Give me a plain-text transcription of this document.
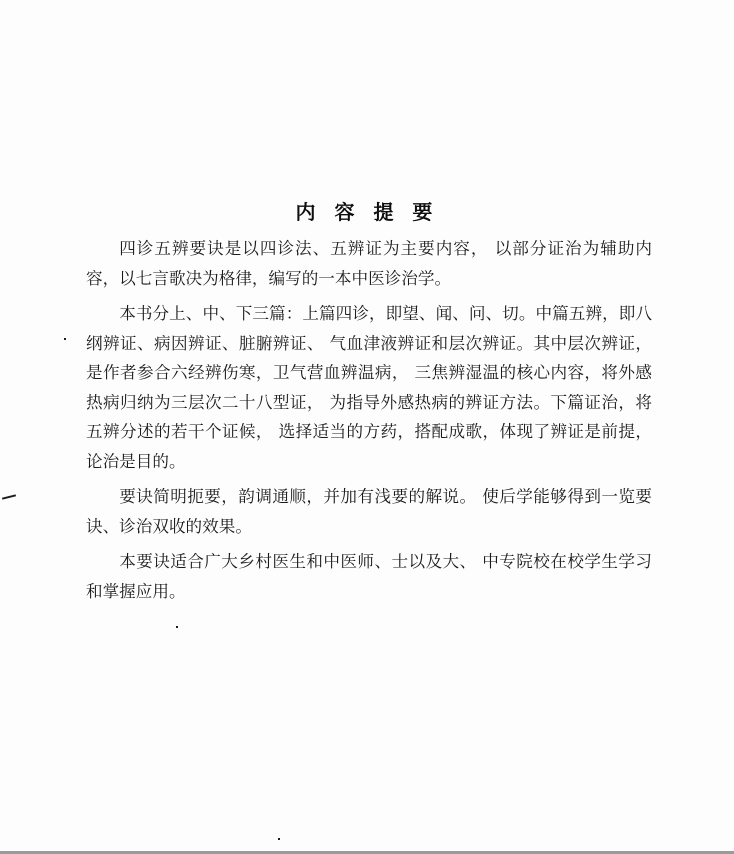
内 容 提 要

四诊五辨要诀是以四诊法、五辨证为主要内容， 以部分证治为辅助内容，以七言歌决为格律，编写的一本中医诊治学。

本书分上、中、下三篇：上篇四诊，即望、闻、问、切。中篇五辨，即八纲辨证、病因辨证、脏腑辨证、 气血津液辨证和层次辨证。其中层次辨证，是作者参合六经辨伤寒，卫气营血辨温病， 三焦辨湿温的核心内容，将外感热病归纳为三层次二十八型证， 为指导外感热病的辨证方法。下篇证治，将五辨分述的若干个证候， 选择适当的方药，搭配成歌，体现了辨证是前提，论治是目的。

要诀简明扼要，韵调通顺，并加有浅要的解说。 使后学能够得到一览要诀、诊治双收的效果。

本要诀适合广大乡村医生和中医师、士以及大、 中专院校在校学生学习和掌握应用。
